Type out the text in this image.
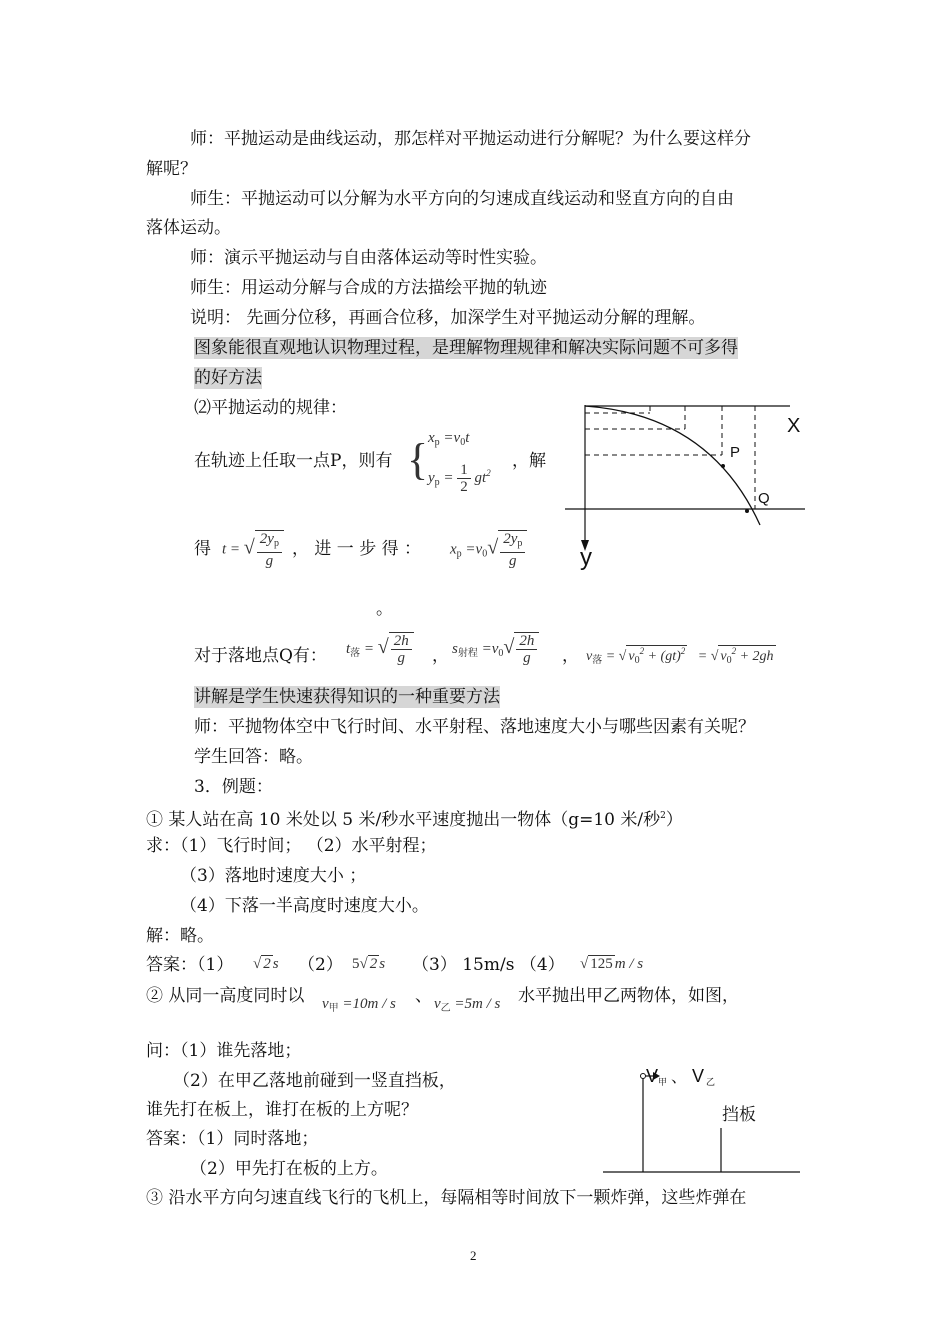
师：平抛运动是曲线运动，那怎样对平抛运动进行分解呢？为什么要这样分
解呢？
师生：平抛运动可以分解为水平方向的匀速成直线运动和竖直方向的自由
落体运动。
师：演示平抛运动与自由落体运动等时性实验。
师生：用运动分解与合成的方法描绘平抛的轨迹
说明： 先画分位移，再画合位移，加深学生对平抛运动分解的理解。
图象能很直观地认识物理过程，是理解物理规律和解决实际问题不可多得
的好方法
⑵平抛运动的规律：
在轨迹上任取一点P，则有 { $x_p =v_0t$
$y_p = \frac{1}{2} gt^2$
，解
得 t = √ $\frac{2y_p}{g}$ ， 进 一 步 得 ： $x_p =v_0√ \frac{2y_p}{g}$
。
对于落地点Q有： $t_落$ = √ $\frac{2h}{g}$ ， $s_{射程} =v_0√ \frac{2h}{g}$ ， $v_落$ = √ $v_0^2 + (gt)^2$   = √ $v_0^2 + 2gh$
讲解是学生快速获得知识的一种重要方法
师：平抛物体空中飞行时间、水平射程、落地速度大小与哪些因素有关呢？
学生回答：略。
3．例题：
① 某人站在高 10 米处以 5 米/秒水平速度抛出一物体（g=10 米/秒$^2$）
求：（1）飞行时间； （2）水平射程；
（3）落地时速度大小 ；
（4）下落一半高度时速度大小。
解：略。
答案：（1） √ 2 s （2） 5√ 2 s （3） 15m/s （4） √ 125 m / s
② 从同一高度同时以 $v_甲 =10m / s$ 、 $v_乙 =5m / s$ 水平抛出甲乙两物体，如图，
问：（1）谁先落地；
（2）在甲乙落地前碰到一竖直挡板，
谁先打在板上，谁打在板的上方呢？
答案：（1）同时落地；
（2）甲先打在板的上方。
③ 沿水平方向匀速直线飞行的飞机上，每隔相等时间放下一颗炸弹，这些炸弹在
X
y
P
Q
V 甲 、 V 乙
挡板
2
